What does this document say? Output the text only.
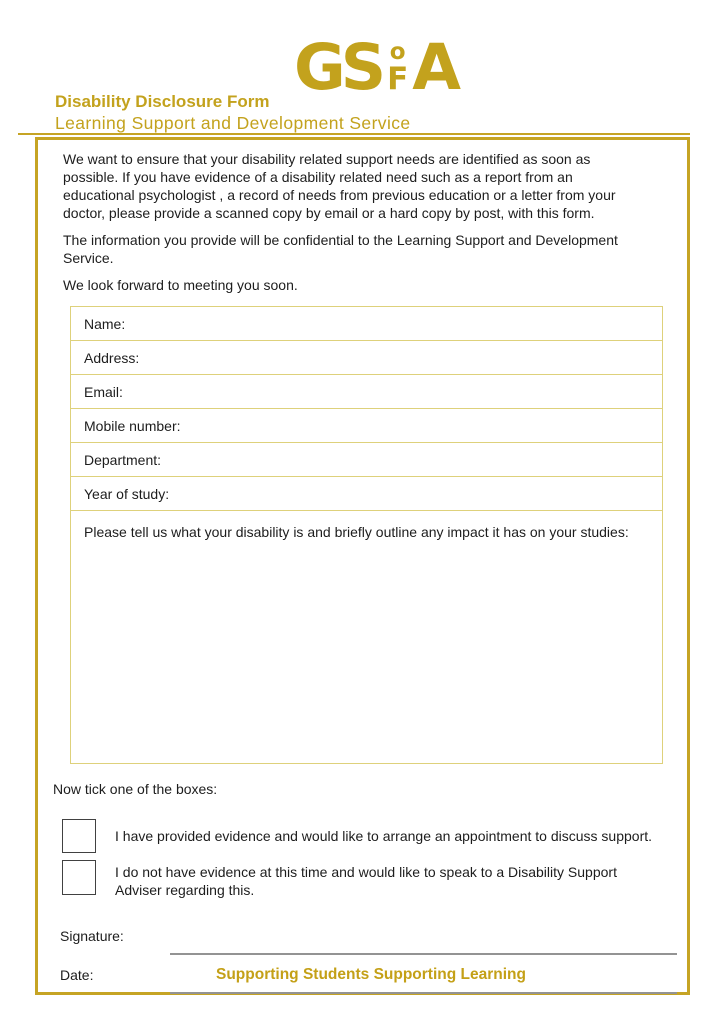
GS o
F A
Disability Disclosure Form
Learning Support and Development Service

We want to ensure that your disability related support needs are identified as soon as
possible. If you have evidence of a disability related need such as a report from an
educational psychologist , a record of needs from previous education or a letter from your
doctor, please provide a scanned copy by email or a hard copy by post, with this form.

The information you provide will be confidential to the Learning Support and Development
Service.

We look forward to meeting you soon.

Name:
Address:
Email:
Mobile number:
Department:
Year of study:
Please tell us what your disability is and briefly outline any impact it has on your studies:
Now tick one of the boxes:
I have provided evidence and would like to arrange an appointment to discuss support.
I do not have evidence at this time and would like to speak to a Disability Support
Adviser regarding this.
Signature:
Date:	Supporting Students Supporting Learning
